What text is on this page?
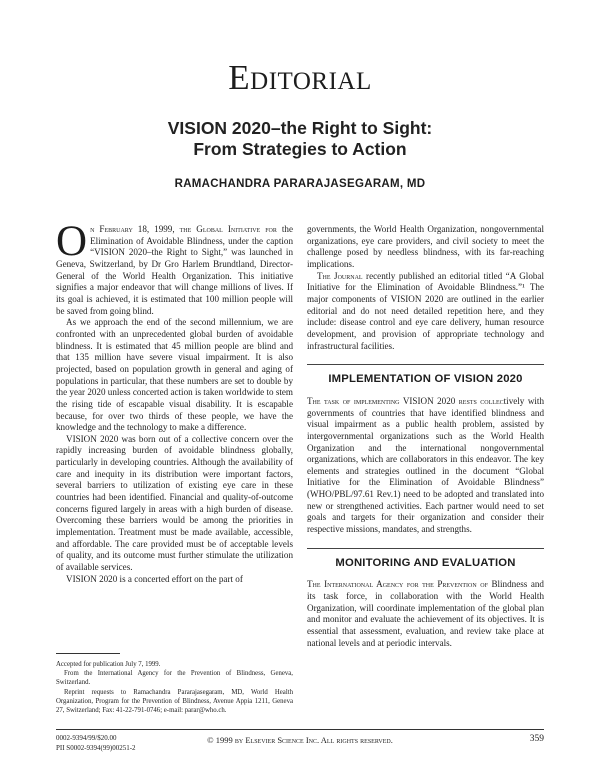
Editorial
VISION 2020–the Right to Sight:
From Strategies to Action

RAMACHANDRA PARARAJASEGARAM, MD

On February 18, 1999, the Global Initiative for the Elimination of Avoidable Blindness, under the caption “VISION 2020–the Right to Sight,” was launched in Geneva, Switzerland, by Dr Gro Harlem Brundtland, Director-General of the World Health Organization. This initiative signifies a major endeavor that will change millions of lives. If its goal is achieved, it is estimated that 100 million people will be saved from going blind.

As we approach the end of the second millennium, we are confronted with an unprecedented global burden of avoidable blindness. It is estimated that 45 million people are blind and that 135 million have severe visual impairment. It is also projected, based on population growth in general and aging of populations in particular, that these numbers are set to double by the year 2020 unless concerted action is taken worldwide to stem the rising tide of escapable visual disability. It is escapable because, for over two thirds of these people, we have the knowledge and the technology to make a difference.

VISION 2020 was born out of a collective concern over the rapidly increasing burden of avoidable blindness globally, particularly in developing countries. Although the availability of care and inequity in its distribution were important factors, several barriers to utilization of existing eye care in these countries had been identified. Financial and quality-of-outcome concerns figured largely in areas with a high burden of disease. Overcoming these barriers would be among the priorities in implementation. Treatment must be made available, accessible, and affordable. The care provided must be of acceptable levels of quality, and its outcome must further stimulate the utilization of available services.

VISION 2020 is a concerted effort on the part of

governments, the World Health Organization, nongovernmental organizations, eye care providers, and civil society to meet the challenge posed by needless blindness, with its far-reaching implications.

The Journal recently published an editorial titled “A Global Initiative for the Elimination of Avoidable Blindness.”¹ The major components of VISION 2020 are outlined in the earlier editorial and do not need detailed repetition here, and they include: disease control and eye care delivery, human resource development, and provision of appropriate technology and infrastructural facilities.

IMPLEMENTATION OF VISION 2020

The task of implementing VISION 2020 rests collectively with governments of countries that have identified blindness and visual impairment as a public health problem, assisted by intergovernmental organizations such as the World Health Organization and the international nongovernmental organizations, which are collaborators in this endeavor. The key elements and strategies outlined in the document “Global Initiative for the Elimination of Avoidable Blindness” (WHO/PBL/97.61 Rev.1) need to be adopted and translated into new or strengthened activities. Each partner would need to set goals and targets for their organization and consider their respective missions, mandates, and strengths.

MONITORING AND EVALUATION

The International Agency for the Prevention of Blindness and its task force, in collaboration with the World Health Organization, will coordinate implementation of the global plan and monitor and evaluate the achievement of its objectives. It is essential that assessment, evaluation, and review take place at national levels and at periodic intervals.

Accepted for publication July 7, 1999.

From the International Agency for the Prevention of Blindness, Geneva, Switzerland.

Reprint requests to Ramachandra Pararajasegaram, MD, World Health Organization, Program for the Prevention of Blindness, Avenue Appia 1211, Geneva 27, Switzerland; Fax: 41-22-791-0746; e-mail: parar@who.ch.

0002-9394/99/$20.00
PII S0002-9394(99)00251-2
© 1999 by Elsevier Science Inc. All rights reserved.	359
